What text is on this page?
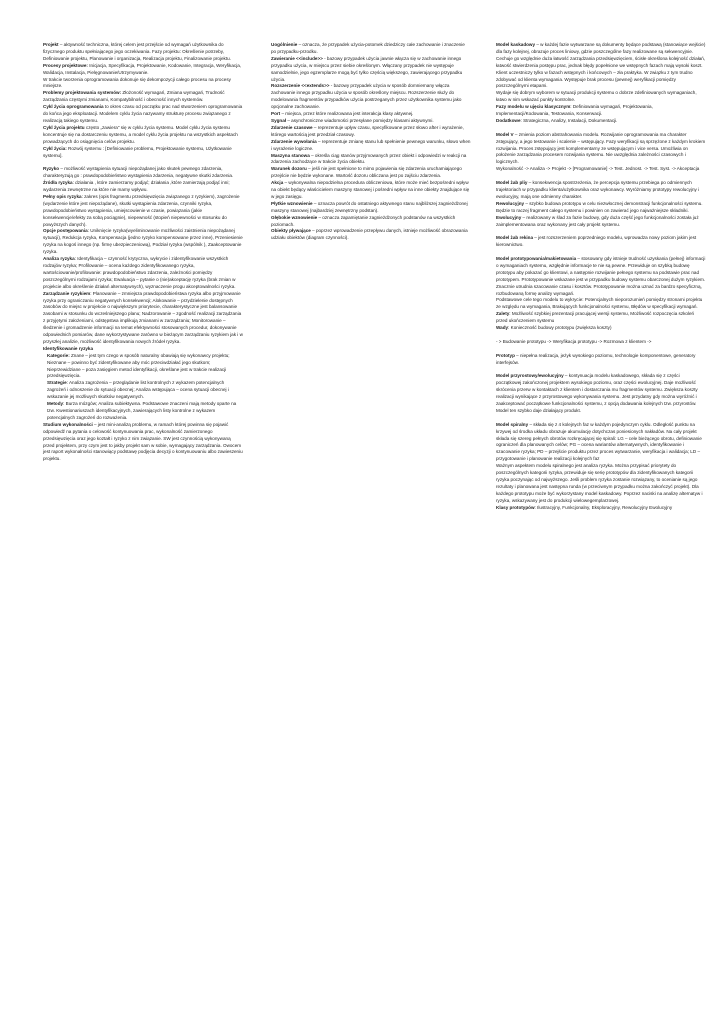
Projekt – aktywność techniczna, której celem jest przejście od wymagań użytkownika do fizycznego produktu spełniającego jego oczekiwania. Fazy projektu: Określenie potrzeby, Definiowanie projektu, Planowanie i organizacja, Realizacja projektu, Finalizowanie projektu.

Procesy projektowe: Inicjacja, Specyfikacja, Projektowanie, Kodowanie, Integracja, Weryfikacja, Walidacja, Instalacja, Pielęgnowanie/Utrzymywanie.

W trakcie tworzenia oprogramowania dokonuje się dekompozycji całego procesu na procesy mniejsze.

Problemy projektowania systemów: Złożoność wymagań, Zmiana wymagań, Trudność zarządzania częstymi zmianami, Kompatybilność i obecność innych systemów.

Cykl życia oprogramowania to okres czasu od początku prac nad stworzeniem oprogramowania do końca jego eksploatacji. Modelem cyklu życia nazywamy strukturę procesu związanego z realizacją takiego systemu.

Cykl życia projektu często „zawiera" się w cyklu życia systemu. Model cyklu życia systemu koncentruje się na dostarczeniu systemu, a model cyklu życia projektu na wszystkich aspektach prowadzących do osiągnięcia celów projektu.

Cykl życia: Rozwój systemu : [Definiowanie problemu, Projektowanie systemu, Użytkowanie systemu].

Ryzyko – możliwość wystąpienia sytuacji niepożądanej jako skutek pewnego zdarzenia, charakteryzują go : prawdopodobieństwo wystąpienia zdarzenia, negatywne skutki zdarzenia.

Źródła ryzyka: działania , które zamierzamy podjąć; działania ,które zamierzają podjąć inni; wydarzenia zewnętrzne na które nie mamy wpływu.

Pełny opis ryzyka: zakres (opis fragmentu przedsięwzięcia związanego z ryzykiem), zagrożenie (wydarzenie które jest niepożądane), skutki wystąpienia zdarzenia, czynniki ryzyka, prawdopodobieństwo wystąpienia, umiejscowienie w czasie, powiązania (jakie konsekwencje/efekty za sobą pociągnie), niepewność (stopień niepewności w stosunku do powyższych danych).

Opcje postępowania: Uniknięcie ryzyka(wyeliminowanie możliwości zaistnienia niepożądanej sytuacji), Redukcja ryzyka, Kompensacja (jedno ryzyko kompensowane przez inne), Przeniesienie ryzyka na kogoś innego (np. firmę ubezpieczeniową), Podział ryzyka (wspólnik ), Zaakceptowanie ryzyka.

Analiza ryzyka: Identyfikacja – czynność krytyczna, wykrycie i zidentyfikowanie wszystkich rodzajów ryzyka; Profilowanie – ocena każdego zidentyfikowanego ryzyka, wartościowanie/profilowanie: prawdopodobieństwo zdarzenia, zależności pomiędzy poszczególnymi rodzajami ryzyka; Ewaluacja – pytanie o (nie)akceptację ryzyka (brak zmian w projekcie albo określenie działań alternatywnych), wyznaczenie progu akceptowalności ryzyka.

Zarządzanie ryzykiem: Planowanie – zmniejsza prawdopodobieństwa ryzyka albo przyjmowanie ryzyka przy ograniczaniu negatywnych konsekwencji; Alokowanie – przydzielenie dostępnych zasobów do miejsc w projekcie o największym priorytecie, charakterystyczne jest balansowanie zasobami w stosunku do wcześniejszego planu; Nadzorowanie – zgodność realizacji zarządzania z przyjętymi założeniami, odstępstwa implikują zmianami w zarządzaniu; Monitorowanie – śledzenie i gromadzenie informacji na temat efektywności stosowanych procedur, dokonywanie odpowiednich pomiarów, dane wykorzystywane zarówno w bieżącym zarządzaniu ryzykiem jak i w przyszłej analizie, możliwość identyfikowania nowych źródeł ryzyka.

Identyfikowanie ryzyka

Kategorie: Znane – jest tym czego w sposób naturalny obawiają się wykonawcy projektu; Nieznane – powinno być zidentyfikowane aby móc przeciwdziałać jego skutkom; Nieprzewidziane – poza zasięgiem metod identyfikacji, określane jest w trakcie realizacji przedsięwzięcia.

Strategie: Analiza zagrożenia – przeglądanie list kontrolnych z wykazem potencjalnych zagrożeń i odnoszenie do sytuacji obecnej; Analiza wstępująca – ocena sytuacji obecnej i wskazanie jej możliwych skutków negatywnych.

Metody: Burza mózgów; Analiza subiektywna. Podstawowe znaczeni mają metody oparte na tzw. Kwestionariuszach identyfikacyjnych, zawierających listy kontrolne z wykazem potencjalnych zagrożeń do rozważenia.

Studium wykonalności – jest mini-analizą problemu, w ramach której powinna się pojawić odpowiedź na pytania o celowość kontynuowania prac, wykonalność zamierzonego przedsięwzięcia oraz jego koztałt i ryzyko z nim związanie. SW jest czynnością wykonywaną przed projektem, przy czym jest to jakby projekt sam w sobie, wymagający zarządzania. Owocem jest raport wykonalności stanowiący podstawę podjęcia decyzji o kontynuowaniu albo zawieszeniu projektu.

Uogólnienie – oznacza, że przypadek użycia-potomek dziedziczy całe zachowanie i znaczenie po przypadku-przodku.

Zawieranie <<include>> - bazowy przypadek użycia jawnie włącza się w zachowanie innego przypadku użycia, w miejscu przez siebie określonym. Włączany przypadek nie występuje samodzielnie, jego egzemplarze mogą być tylko częścią większego, zawierającego przypadku użycia.

Rozszerzenie <<extends>> - bazowy przypadek użycia w sposób domniemany włącza zachowanie innego przypadku użycia w sposób określony miejscu. Rozszerzenie służy do modelowania fragmentów przypadków użycia postrzeganych przez użytkownika systemu jako opcjonalne zachowanie.

Port – miejsca, przez które realizowana jest interakcja klasy aktywnej.

Sygnał – asynchroniczne wiadomości przesyłane pomiędzy klasami aktywnymi.

Zdarzenie czasowe – reprezentuje upływ czasu, specyfikowane przez słowo after i wyrażenie, którego wartością jest przedział czasowy.

Zdarzenie wywołania – reprezentuje zmianę stanu lub spełnienie pewnego warunku, słowo when i wyrażenie logiczne.

Maszyna stanowa – określa ciąg stanów przyjmowanych przez obiekt i odpowiedzi w reakcji na zdarzenia zachodzące w trakcie życia obiektu.

Warunek dozoru – jeśli nie jest spełnione to mimo pojawienia się zdarzenia uruchamiającego przejście nie będzie wykonane. Wartość dozoru obliczana jest po zajściu zdarzenia.

Akcja – wykonywalna niepodzielna procedura obliczeniowa, które może mieć bezpośredni wpływ na obiekt będący właścicielem maszyny stanowej i pośredni wpływ na inne obiekty znajdujące się w jego zasięgu.

Płytkie wznowienie – oznacza powrót do ostatniego aktywnego stanu najbliższej zagnieżdżonej maszyny stanowej (najbardziej zewnętrzny podstan).

Głębokie wznowienie – oznacza zapamiętanie zagnieżdżonych podstanów na wszystkich poziomach.

Obiekty pływające – poprzez wprowadzenie przepływu danych, istnieje możliwość obrazowania udziału obiektów (diagram czynności).

Model kaskadowy – w każdej fazie wytwarzane są dokumenty będące podstawą (stanowiące wejście) dla fazy kolejnej, obrazuje proces liniowy, gdzie poszczególne fazy realizowane są sekwencyjnie.

Cechuje go względnie duża łatwość zarządzania przedsięwzięciem, ścisłe określona kolejność działań, łatwość stwierdzenia postępu prac, jednak błędy popełnione we wstępnych fazach mają wysoki koszt.

Klient uczestniczy tylko w fazach wstępnych i końcowych – zła praktyka. W związku z tym trudno zdobywać od klienta wymagania. Występuje brak procesu (pewnej) weryfikacji pomiędzy poszczególnymi etapami.

Wydaje się dobrym wyborem w sytuacji produkcji systemu o dobrze zdefiniowanych wymaganiach, łatwo w nim wskazać punkty kontrolne.

Fazy modelu w ujęciu klasycznym: Definiowania wymagań, Projektowania, Implementacji/Kodowania, Testowania, Konserwacji.

Dodatkowe: Strategiczna, Analizy, Instalacji, Dokumentacji.

Model V – zmienia poziom abstrahowania modelu. Rozwijanie oprogramowania ma charakter zstępujący, a jego testowanie i scalenie – wstępujący. Fazy weryfikacji są sprzężone z każdym krokiem rozwijania. Proces zstępujący jest komplementarny ze wstępującym i vice versa. Umożliwia on położenie zarządzania procesem rozwijania systemu. Nie uwzględnia zależności czasowych i logicznych.

Wykonalność -> Analiza -> Projekt -> [Programowanie] -> Test. Jednost. -> Test. Syst. -> Akceptacja

Model żab pliy – konsekwencja spostrzeżenia, że percepcja systemu przebiega po odmiennych trajektoriach w przypadku klienta/użytkownika oraz wykonawcy. Wyróżniamy prototypy rewolucyjny i ewolucyjny, mają one odmienny charakter.

Rewolucyjny – szybko budowa prototypu w celu niezwłocznej demonstracji funkcjonalności systemu. Będzie to raczej fragment całego systemu i powinien on zawierać jego najważniejsze składniki.

Ewolucyjny – realizowany w ślad za fazie budowy, gdy duża część jego funkcjonalności została już zaimplementowana oraz wykonany jest cały projekt systemu.

Model żab rekina – jest rozszerzeniem poprzedniego modelu, wprowadza nowy poziom jakim jest kierownictwo.

Model prototypowania/makietowania – stosowany gdy istnieje trudność uzyskania (pełnej) informacji o wymaganiach systemu, wzgłędnie informacje te nie są pewne. Przewiduje on szybką budowę prototypu aby pokazać go klientowi, a następnie rozwijanie pełnego systemu na podstawie prac nad prototypem. Prototypowanie wskazane jest w przypadku budowy systemu obarczonej dużym ryzykiem. Znacznie utrudnia szacowanie czasu i kosztów. Prototypowanie można uznać za bardzo specyficzną, rozbudowaną formę analizy wymagań.

Podstawowe cele tego modelu to wykrycie: Potencjalnych nieporozumień pomiędzy stronami projektu ze względu na wymagania, Brakujących funkcjonalności systemu, Błędów w specyfikacji wymagań.

Zalety: Możliwość szybkiej prezentacji pracującej wersji systemu, Możliwość rozpoczęcia szkoleń przed ukończeniem systemu

Wady: Konieczność budowy prototypu (zwiększa koszty)

- > Budowanie prototypu -> Weryfikacja prototypu -> Rozmowa z klientem ->

Prototyp – niepełna realizacja, jeżyk wysokiego poziomu, technologie komponentowe, generatory interfejsów.

Model przyrostowy/ewolucyjny – kontynuacja modelu kaskadowego, składa się z części początkowej zakończonej projektem wysokiego poziomu, oraz części ewolucyjnej. Daje możliwość skrócenia przerw w kontaktach z klientem i dostarczania mu fragmentów systemu. Zwiększa koszty realizacji wynikające z przyrostowego wykonywania systemu. Jest przydatny gdy można wyróżnić i zaakceptować początkowe funkcjonalności systemu, z opcją dodawania kolejnych tzw. przyrostów. Model ten szybko daje działający produkt.

Model spiralny – składa się z 4 kolejnych faz w każdym pojedynczym cyklu. Odległość punktu na krzywej od środka układu obrazuje akumulację dotychczas poniesionych nakładów. Na cały projekt składa się szereg pełnych obrotów rozkręcającej się spirali: LG – cele bieżącego obrotu, definiowanie ograniczeń dla planowanych celów; PG – ocena wariantów alternatywnych, identyfikowanie i szacowanie ryzyka; PD – przejście produktu przez proces wytwarzanie, weryfikacja i walidacja; LD – przygotowanie i planowanie realizacji kolejnych faz

Ważnym aspektem modelu spiralnego jest analiza ryzyka. Można przypisać priorytety do poszczególnych kategorii ryzyka, przewiduje się serię prototypów dla zidentyfikowanych kategorii ryzyka poczynając od najwyższego. Jeśli problem ryzyka zostanie rozwiązany, to ocenianie są jego rezultaty i planowana jest następna runda (w przeciwnym przypadku można zakończyć projekt). Dla każdego prototypu może być wykorzystany model kaskadowy. Poprzez naciski na analizę alternatyw i ryzyka, wskazywany jest do produkcji wielowegemplarzowej.

Klasy prototypów: Ilustracyjny, Funkcjonalny, Eksploracyjny, Rewolucyjny Ewolucyjny
